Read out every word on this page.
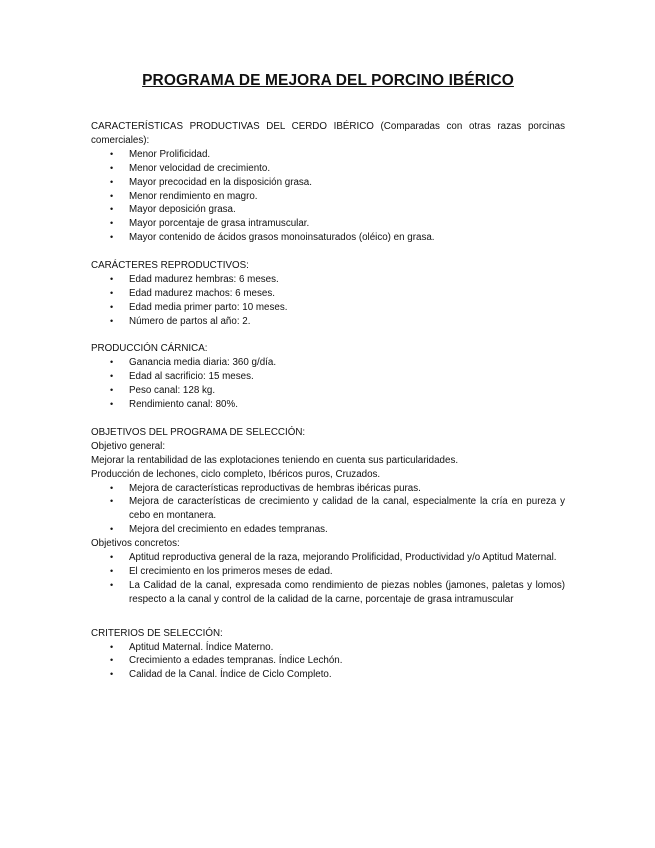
PROGRAMA DE MEJORA DEL PORCINO IBÉRICO

CARACTERÍSTICAS PRODUCTIVAS DEL CERDO IBÉRICO (Comparadas con otras razas porcinas comerciales):

• Menor Prolificidad.
• Menor velocidad de crecimiento.
• Mayor precocidad en la disposición grasa.
• Menor rendimiento en magro.
• Mayor deposición grasa.
• Mayor porcentaje de grasa intramuscular.
• Mayor contenido de ácidos grasos monoinsaturados (oléico) en grasa.

CARÁCTERES REPRODUCTIVOS:

• Edad madurez hembras: 6 meses.
• Edad madurez machos: 6 meses.
• Edad media primer parto: 10 meses.
• Número de partos al año: 2.

PRODUCCIÓN CÁRNICA:

• Ganancia media diaria: 360 g/día.
• Edad al sacrificio: 15 meses.
• Peso canal: 128 kg.
• Rendimiento canal: 80%.

OBJETIVOS DEL PROGRAMA DE SELECCIÓN:

Objetivo general:

Mejorar la rentabilidad de las explotaciones teniendo en cuenta sus particularidades.

Producción de lechones, ciclo completo, Ibéricos puros, Cruzados.

• Mejora de características reproductivas de hembras ibéricas puras.
• Mejora de características de crecimiento y calidad de la canal, especialmente la cría en pureza y cebo en montanera.
• Mejora del crecimiento en edades tempranas.

Objetivos concretos:

• Aptitud reproductiva general de la raza, mejorando Prolificidad, Productividad y/o Aptitud Maternal.
• El crecimiento en los primeros meses de edad.
• La Calidad de la canal, expresada como rendimiento de piezas nobles (jamones, paletas y lomos) respecto a la canal y control de la calidad de la carne, porcentaje de grasa intramuscular

CRITERIOS DE SELECCIÓN:

• Aptitud Maternal. Índice Materno.
• Crecimiento a edades tempranas. Índice Lechón.
• Calidad de la Canal. Índice de Ciclo Completo.
